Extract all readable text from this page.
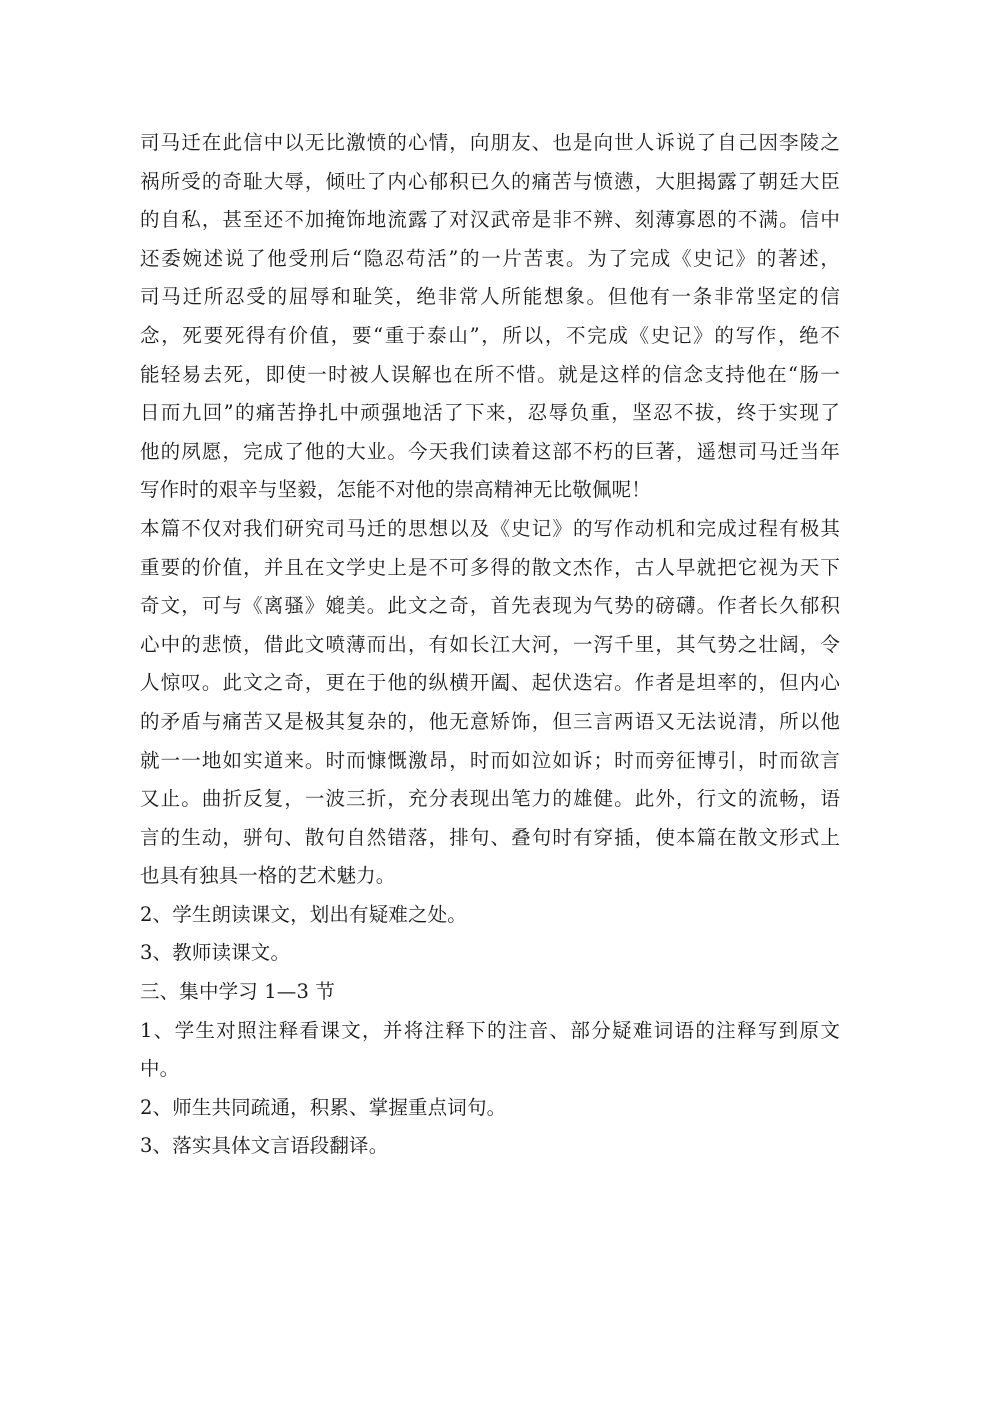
司马迁在此信中以无比激愤的心情，向朋友、也是向世人诉说了自己因李陵之
祸所受的奇耻大辱，倾吐了内心郁积已久的痛苦与愤懑，大胆揭露了朝廷大臣
的自私，甚至还不加掩饰地流露了对汉武帝是非不辨、刻薄寡恩的不满。信中
还委婉述说了他受刑后“隐忍苟活”的一片苦衷。为了完成《史记》的著述，
司马迁所忍受的屈辱和耻笑，绝非常人所能想象。但他有一条非常坚定的信
念，死要死得有价值，要“重于泰山”，所以，不完成《史记》的写作，绝不
能轻易去死，即使一时被人误解也在所不惜。就是这样的信念支持他在“肠一
日而九回”的痛苦挣扎中顽强地活了下来，忍辱负重，坚忍不拔，终于实现了
他的夙愿，完成了他的大业。今天我们读着这部不朽的巨著，遥想司马迁当年
写作时的艰辛与坚毅，怎能不对他的崇高精神无比敬佩呢！
本篇不仅对我们研究司马迁的思想以及《史记》的写作动机和完成过程有极其
重要的价值，并且在文学史上是不可多得的散文杰作，古人早就把它视为天下
奇文，可与《离骚》媲美。此文之奇，首先表现为气势的磅礴。作者长久郁积
心中的悲愤，借此文喷薄而出，有如长江大河，一泻千里，其气势之壮阔，令
人惊叹。此文之奇，更在于他的纵横开阖、起伏迭宕。作者是坦率的，但内心
的矛盾与痛苦又是极其复杂的，他无意矫饰，但三言两语又无法说清，所以他
就一一地如实道来。时而慷慨激昂，时而如泣如诉；时而旁征博引，时而欲言
又止。曲折反复，一波三折，充分表现出笔力的雄健。此外，行文的流畅，语
言的生动，骈句、散句自然错落，排句、叠句时有穿插，使本篇在散文形式上
也具有独具一格的艺术魅力。
2、学生朗读课文，划出有疑难之处。
3、教师读课文。
三、集中学习 1—3 节
1、学生对照注释看课文，并将注释下的注音、部分疑难词语的注释写到原文
中。
2、师生共同疏通，积累、掌握重点词句。
3、落实具体文言语段翻译。
